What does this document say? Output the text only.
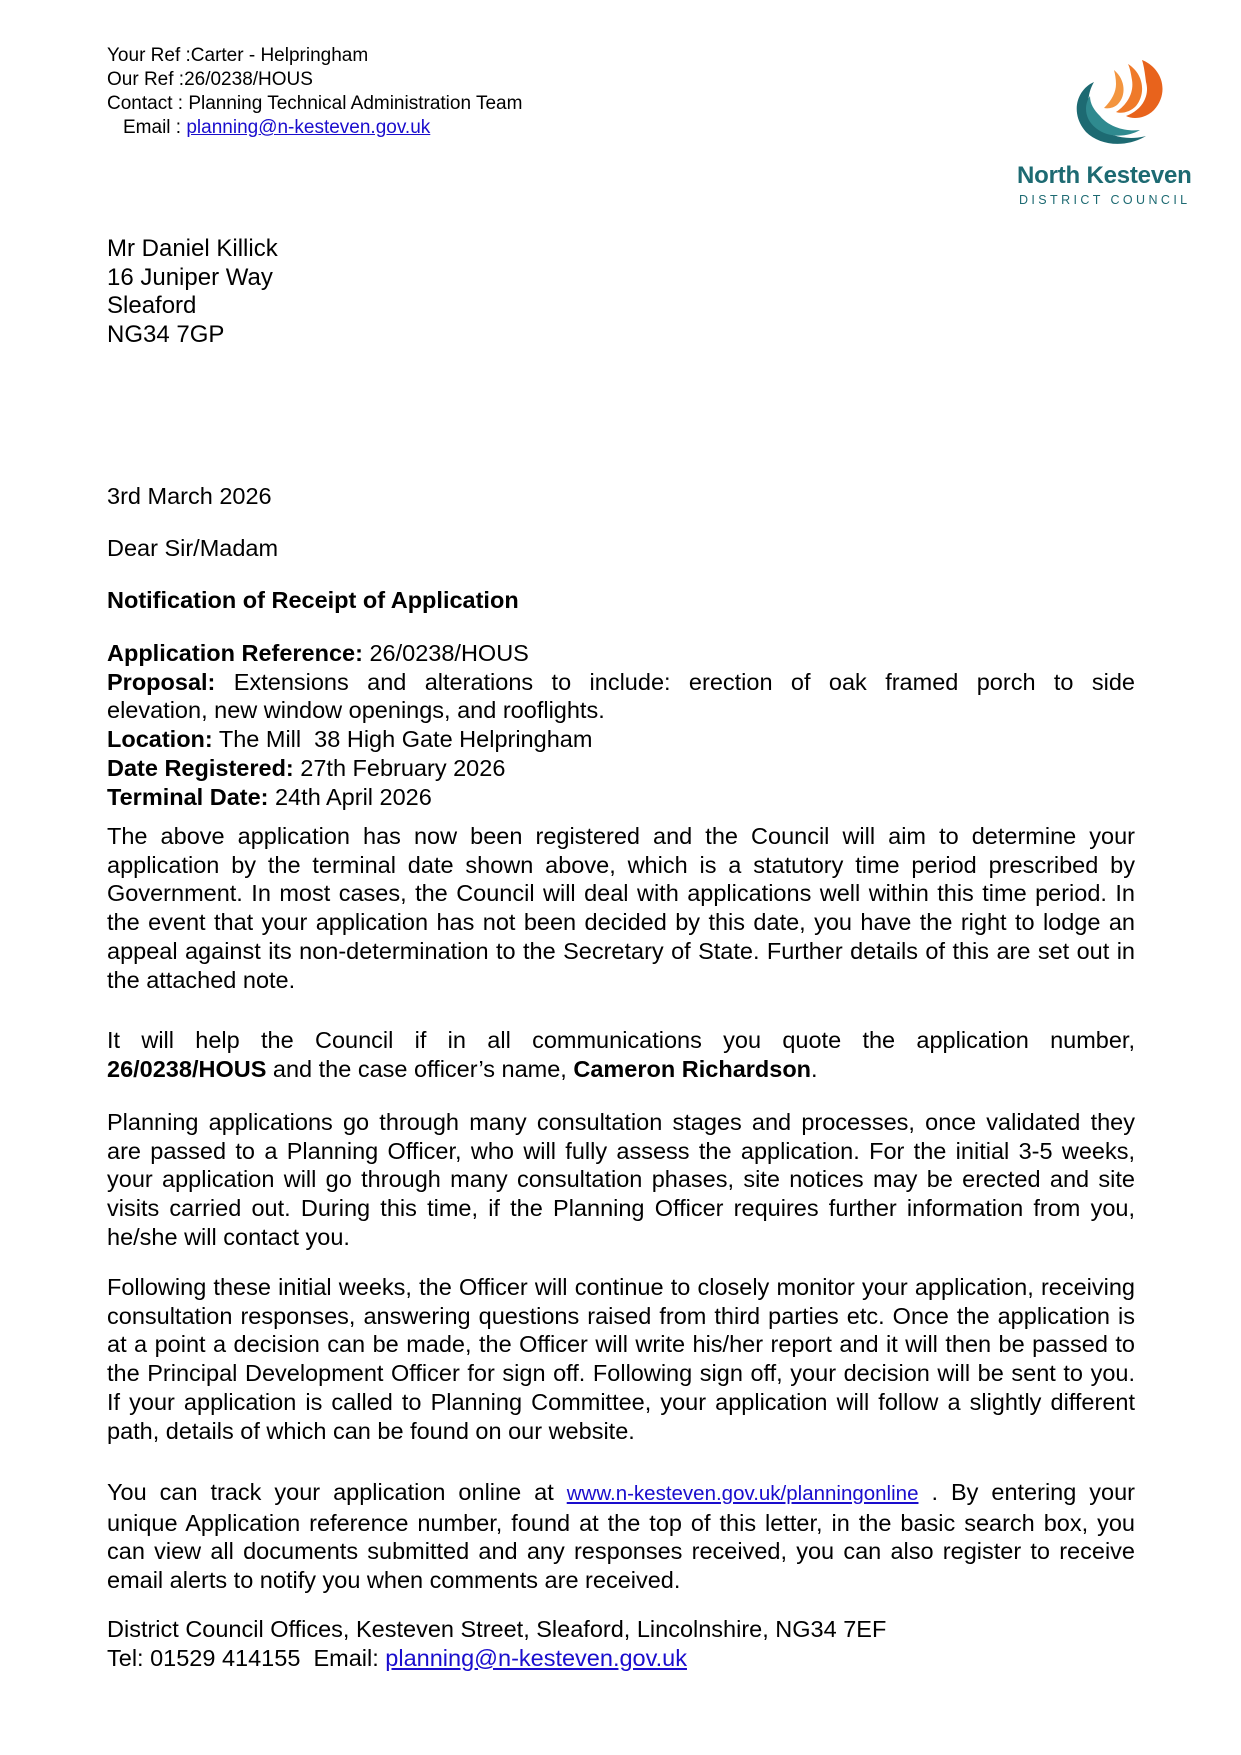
Your Ref :Carter - Helpringham
Our Ref :26/0238/HOUS
Contact : Planning Technical Administration Team
Email : planning@n-kesteven.gov.uk
North Kesteven
DISTRICT COUNCIL
Mr Daniel Killick
16 Juniper Way
Sleaford
NG34 7GP
3rd March 2026
Dear Sir/Madam
Notification of Receipt of Application
Application Reference: 26/0238/HOUS
Proposal: Extensions and alterations to include: erection of oak framed porch to side
elevation, new window openings, and rooflights.
Location: The Mill  38 High Gate Helpringham
Date Registered: 27th February 2026
Terminal Date: 24th April 2026
The above application has now been registered and the Council will aim to determine your application by the terminal date shown above, which is a statutory time period prescribed by Government. In most cases, the Council will deal with applications well within this time period. In the event that your application has not been decided by this date, you have the right to lodge an appeal against its non-determination to the Secretary of State. Further details of this are set out in the attached note.
It will help the Council if in all communications you quote the application number,
26/0238/HOUS and the case officer’s name, Cameron Richardson.
Planning applications go through many consultation stages and processes, once validated they are passed to a Planning Officer, who will fully assess the application. For the initial 3-5 weeks, your application will go through many consultation phases, site notices may be erected and site visits carried out. During this time, if the Planning Officer requires further information from you, he/she will contact you.
Following these initial weeks, the Officer will continue to closely monitor your application, receiving consultation responses, answering questions raised from third parties etc. Once the application is at a point a decision can be made, the Officer will write his/her report and it will then be passed to the Principal Development Officer for sign off. Following sign off, your decision will be sent to you. If your application is called to Planning Committee, your application will follow a slightly different path, details of which can be found on our website.
You can track your application online at www.n-kesteven.gov.uk/planningonline . By entering your unique Application reference number, found at the top of this letter, in the basic search box, you can view all documents submitted and any responses received, you can also register to receive email alerts to notify you when comments are received.
District Council Offices, Kesteven Street, Sleaford, Lincolnshire, NG34 7EF
Tel: 01529 414155  Email: planning@n-kesteven.gov.uk
